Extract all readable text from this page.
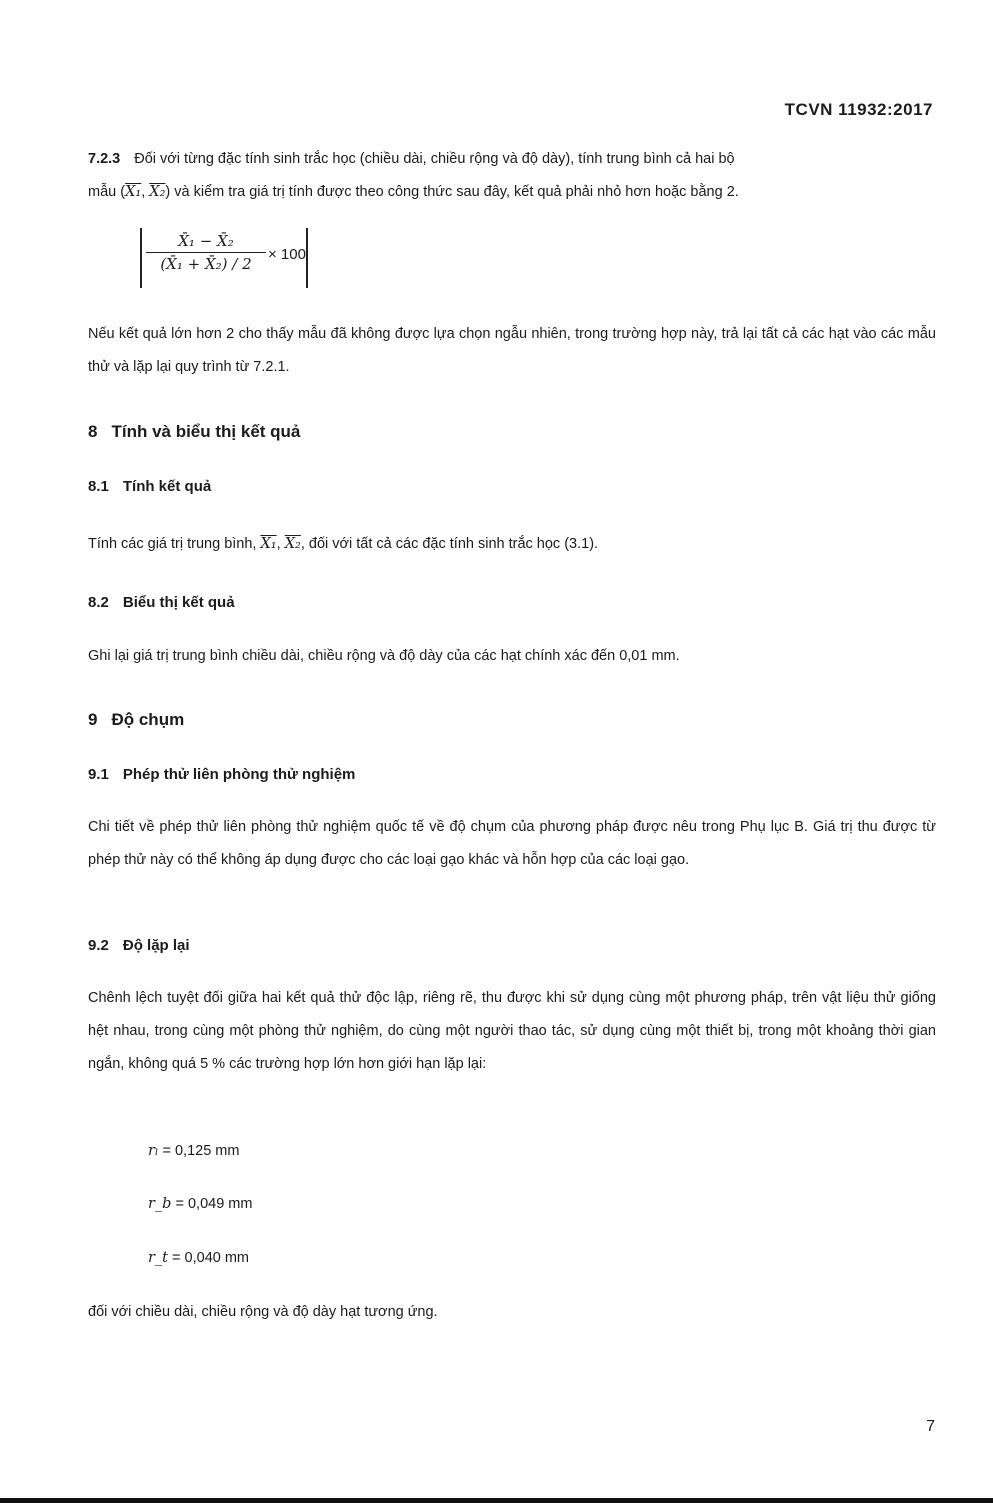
TCVN 11932:2017
7.2.3 Đối với từng đặc tính sinh trắc học (chiều dài, chiều rộng và độ dày), tính trung bình cả hai bộ
mẫu (X₁, X₂) và kiểm tra giá trị tính được theo công thức sau đây, kết quả phải nhỏ hơn hoặc bằng 2.
$\frac{\text{X̄₁ − X̄₂}}{\text{(X̄₁ + X̄₂) / 2}} \times 100$
Nếu kết quả lớn hơn 2 cho thấy mẫu đã không được lựa chọn ngẫu nhiên, trong trường hợp này, trả lại tất cả các hạt vào các mẫu thử và lặp lại quy trình từ 7.2.1.
8 Tính và biểu thị kết quả
8.1 Tính kết quả
Tính các giá trị trung bình, X₁, X₂, đối với tất cả các đặc tính sinh trắc học (3.1).
8.2 Biểu thị kết quả
Ghi lại giá trị trung bình chiều dài, chiều rộng và độ dày của các hạt chính xác đến 0,01 mm.
9 Độ chụm
9.1 Phép thử liên phòng thử nghiệm
Chi tiết về phép thử liên phòng thử nghiệm quốc tế về độ chụm của phương pháp được nêu trong Phụ lục B. Giá trị thu được từ phép thử này có thể không áp dụng được cho các loại gạo khác và hỗn hợp của các loại gạo.
9.2 Độ lặp lại
Chênh lệch tuyệt đối giữa hai kết quả thử độc lập, riêng rẽ, thu được khi sử dụng cùng một phương pháp, trên vật liệu thử giống hệt nhau, trong cùng một phòng thử nghiệm, do cùng một người thao tác, sử dụng cùng một thiết bị, trong một khoảng thời gian ngắn, không quá 5 % các trường hợp lớn hơn giới hạn lặp lại:
rₗ = 0,125 mm
r_b = 0,049 mm
r_t = 0,040 mm
đối với chiều dài, chiều rộng và độ dày hạt tương ứng.
7
